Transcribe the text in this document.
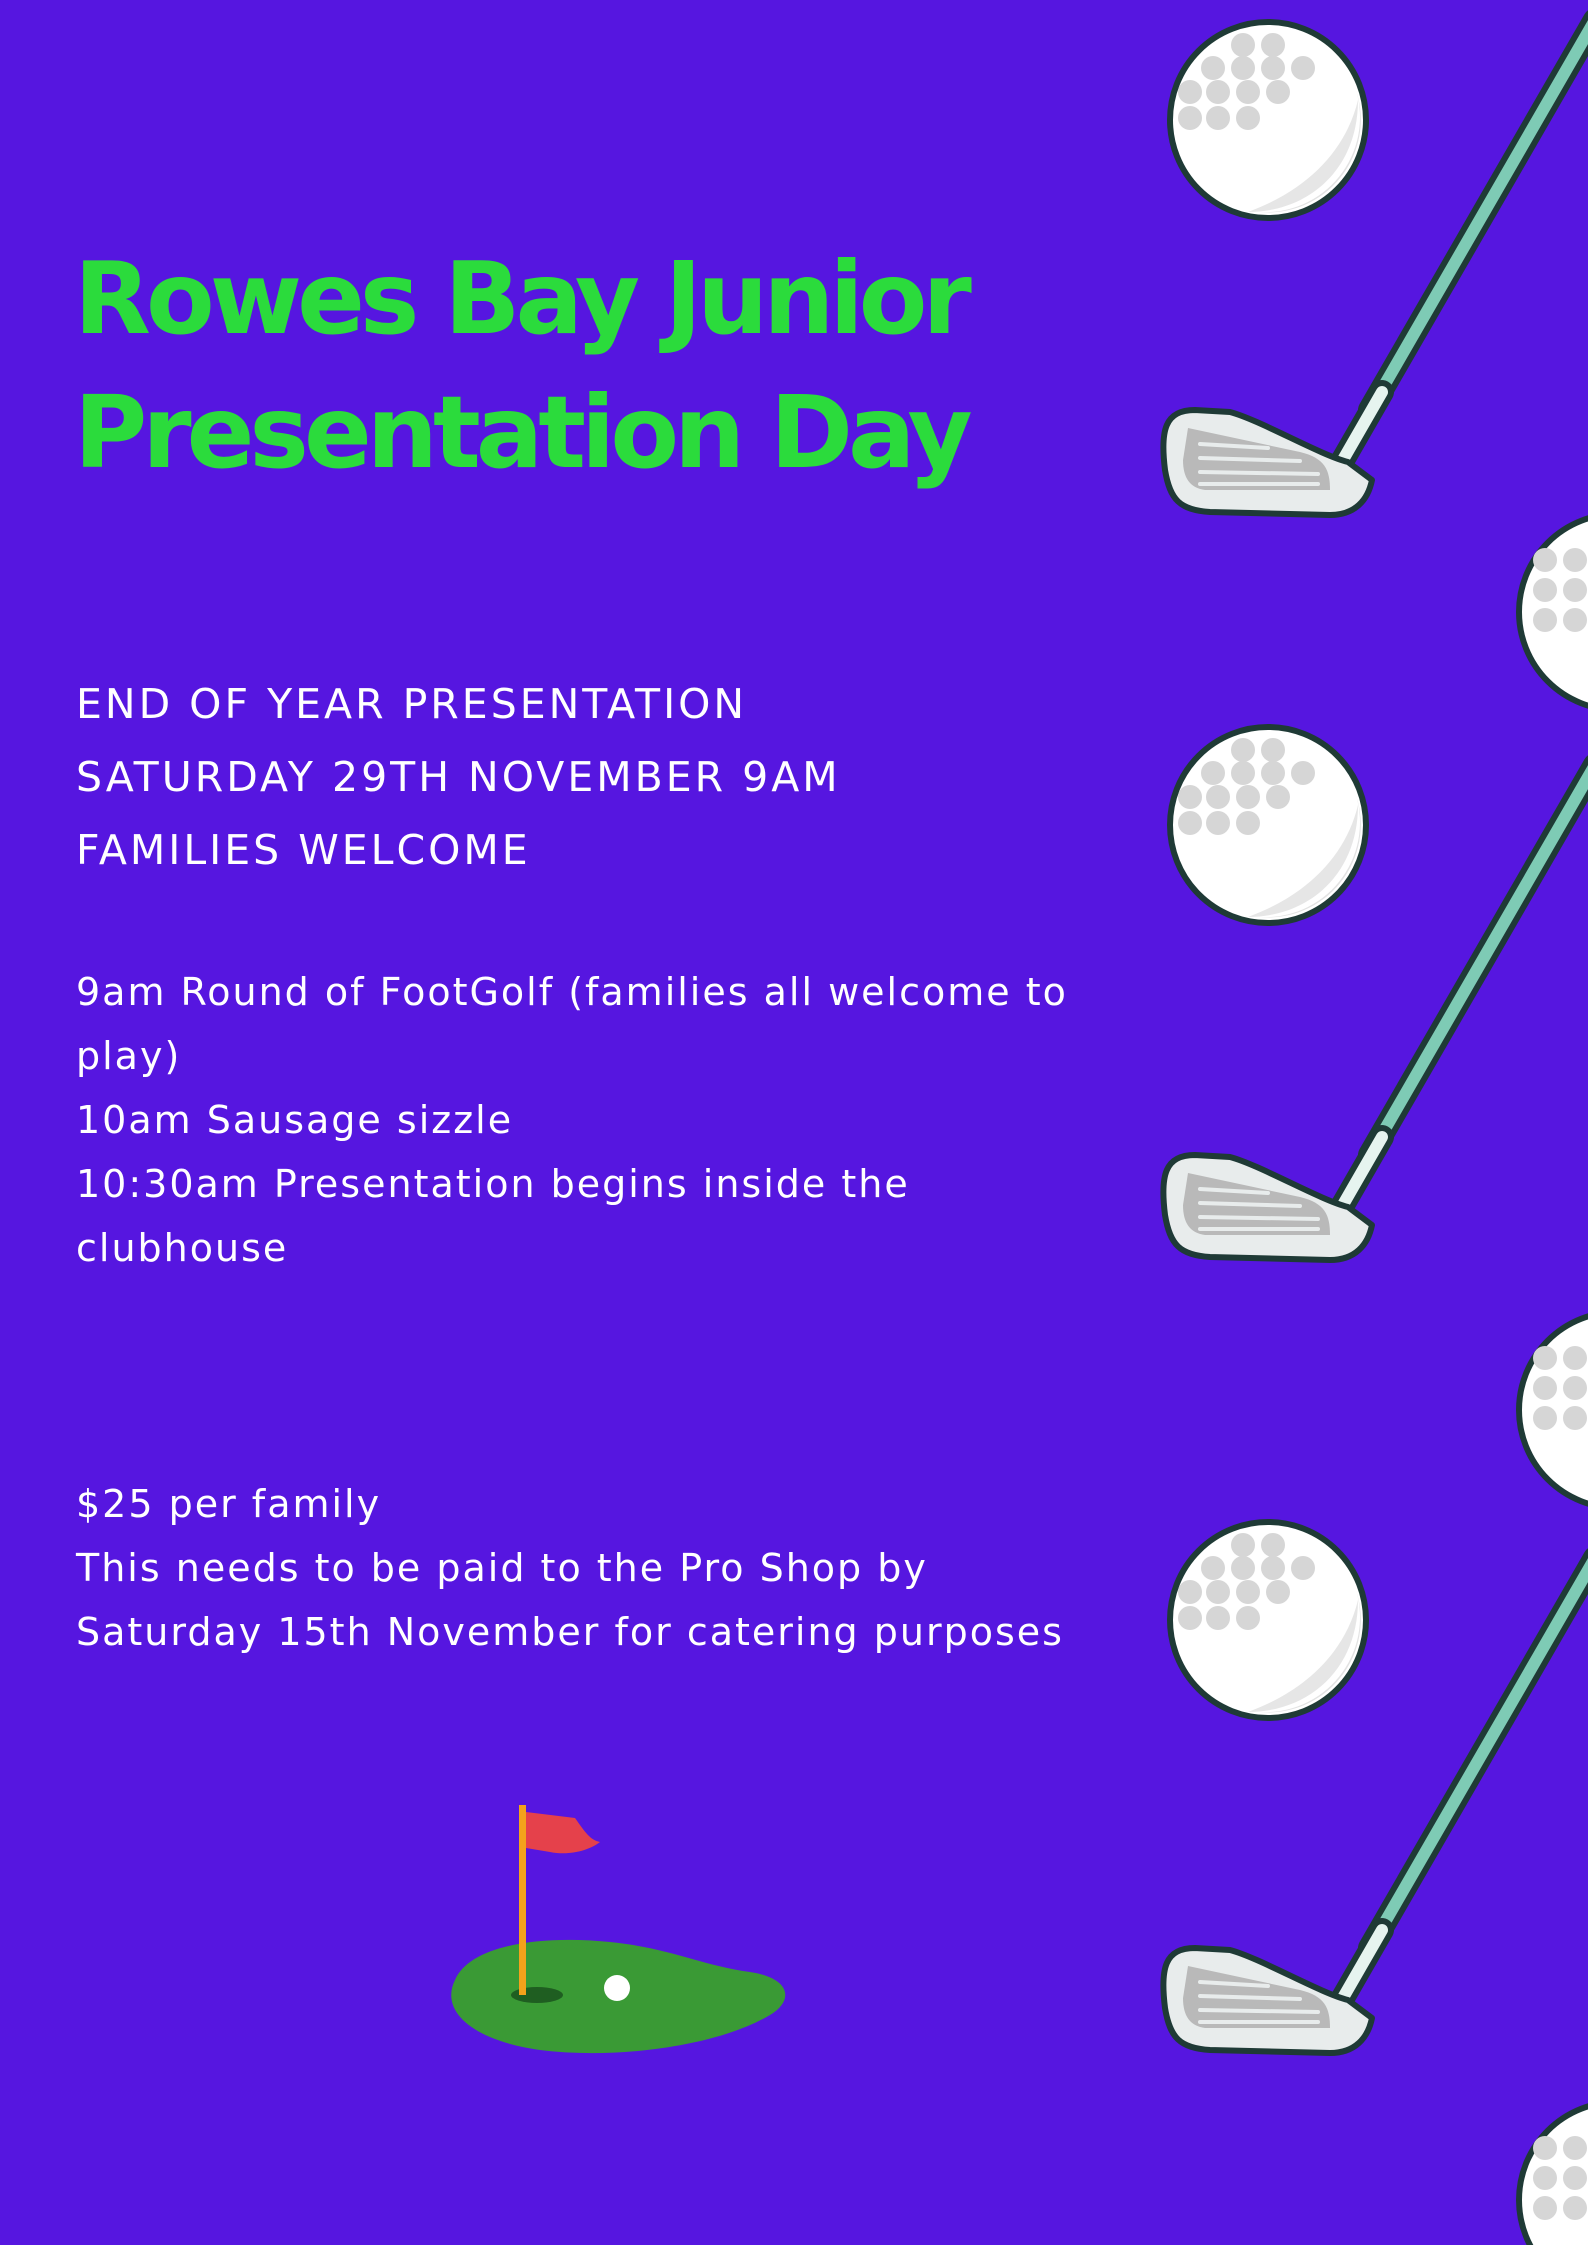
Rowes Bay Junior
Presentation Day
END OF YEAR PRESENTATION
SATURDAY 29TH NOVEMBER 9AM
FAMILIES WELCOME
9am Round of FootGolf (families all welcome to play)
10am Sausage sizzle
10:30am Presentation begins inside the clubhouse
$25 per family
This needs to be paid to the Pro Shop by
Saturday 15th November for catering purposes
